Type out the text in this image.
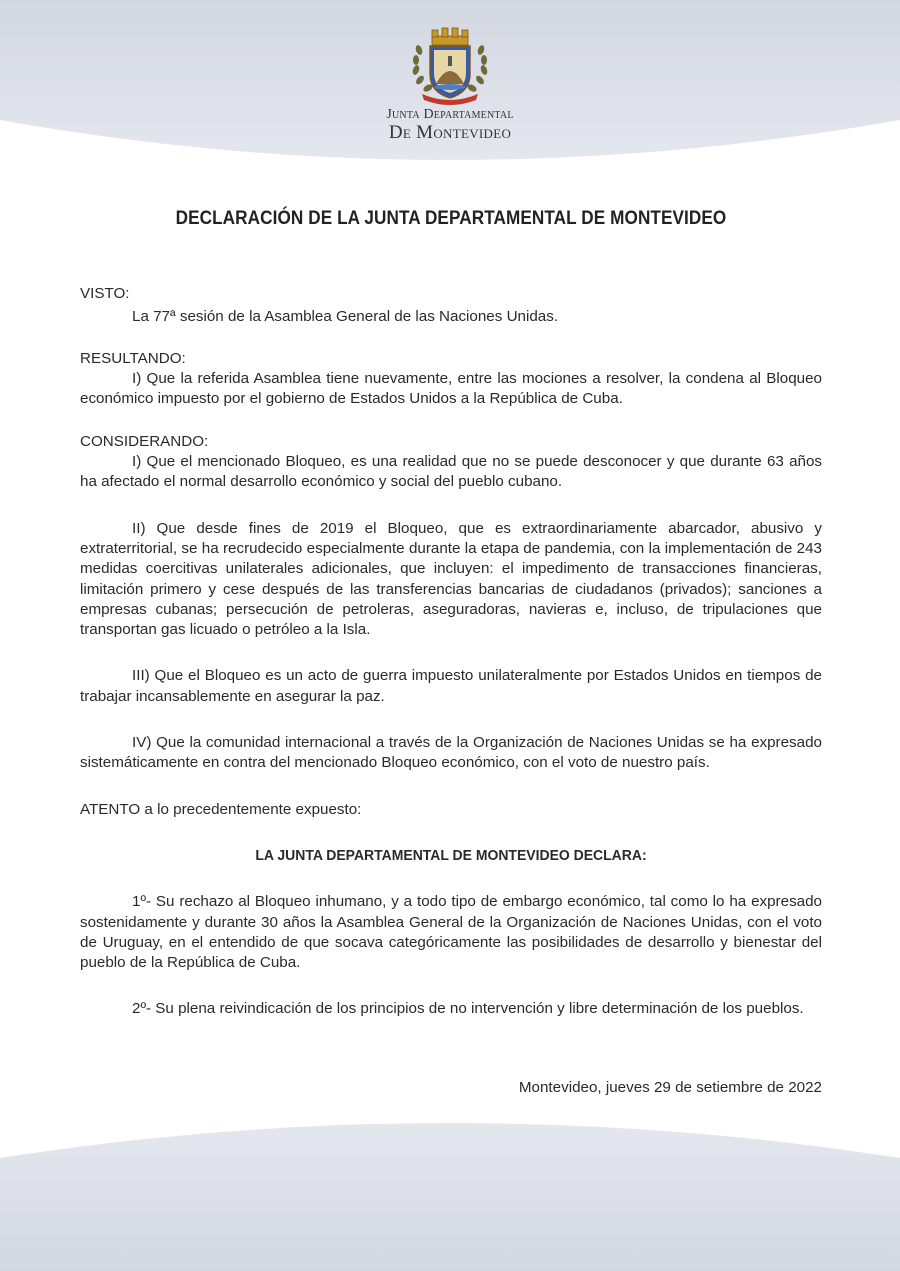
Junta Departamental
De Montevideo
DECLARACIÓN DE LA JUNTA DEPARTAMENTAL DE MONTEVIDEO

VISTO:

La 77ª sesión de la Asamblea General de las Naciones Unidas.

RESULTANDO:

I) Que la referida Asamblea tiene nuevamente, entre las mociones a resolver, la condena al Bloqueo económico impuesto por el gobierno de Estados Unidos a la República de Cuba.

CONSIDERANDO:

I) Que el mencionado Bloqueo, es una realidad que no se puede desconocer y que durante 63 años ha afectado el normal desarrollo económico y social del pueblo cubano.

II) Que desde fines de 2019 el Bloqueo, que es extraordinariamente abarcador, abusivo y extraterritorial, se ha recrudecido especialmente durante la etapa de pandemia, con la implementación de 243 medidas coercitivas unilaterales adicionales, que incluyen: el impedimento de transacciones financieras, limitación primero y cese después de las transferencias bancarias de ciudadanos (privados); sanciones a empresas cubanas; persecución de petroleras, aseguradoras, navieras e, incluso, de tripulaciones que transportan gas licuado o petróleo a la Isla.

III) Que el Bloqueo es un acto de guerra impuesto unilateralmente por Estados Unidos en tiempos de trabajar incansablemente en asegurar la paz.

IV) Que la comunidad internacional a través de la Organización de Naciones Unidas se ha expresado sistemáticamente en contra del mencionado Bloqueo económico, con el voto de nuestro país.

ATENTO a lo precedentemente expuesto:

LA JUNTA DEPARTAMENTAL DE MONTEVIDEO DECLARA:

1º- Su rechazo al Bloqueo inhumano, y a todo tipo de embargo económico, tal como lo ha expresado sostenidamente y durante 30 años la Asamblea General de la Organización de Naciones Unidas, con el voto de Uruguay, en el entendido de que socava categóricamente las posibilidades de desarrollo y bienestar del pueblo de la República de Cuba.

2º- Su plena reivindicación de los principios de no intervención y libre determinación de los pueblos.

Montevideo, jueves 29 de setiembre de 2022
